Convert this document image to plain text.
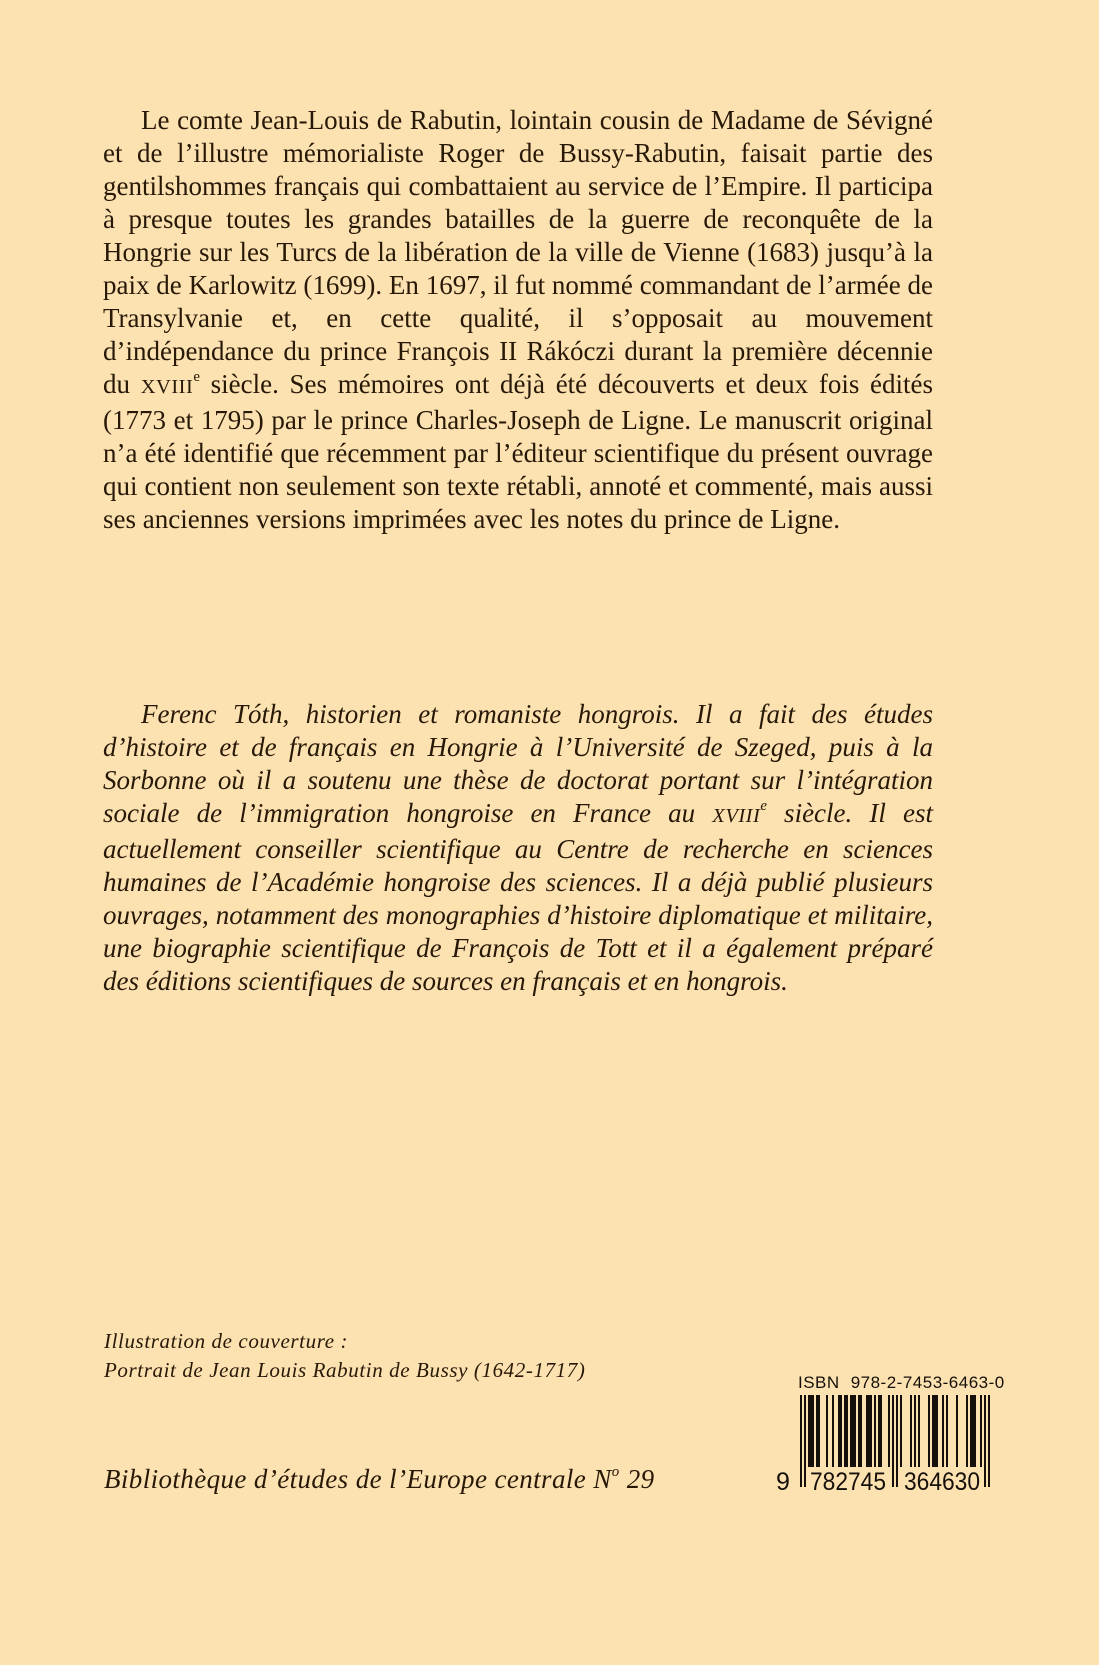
Le comte Jean-Louis de Rabutin, lointain cousin de Madame de Sévigné et de l’illustre mémorialiste Roger de Bussy-Rabutin, faisait partie des gentilshommes français qui combattaient au service de l’Empire. Il participa à presque toutes les grandes batailles de la guerre de reconquête de la Hongrie sur les Turcs de la libération de la ville de Vienne (1683) jusqu’à la paix de Karlowitz (1699). En 1697, il fut nommé commandant de l’armée de Transylvanie et, en cette qualité, il s’opposait au mouvement d’indépendance du prince François II Rákóczi durant la première décennie du XVIIIe siècle. Ses mémoires ont déjà été découverts et deux fois édités (1773 et 1795) par le prince Charles-Joseph de Ligne. Le manuscrit original n’a été identifié que récemment par l’éditeur scientifique du présent ouvrage qui contient non seulement son texte rétabli, annoté et commenté, mais aussi ses anciennes versions imprimées avec les notes du prince de Ligne.

Ferenc Tóth, historien et romaniste hongrois. Il a fait des études d’histoire et de français en Hongrie à l’Université de Szeged, puis à la Sorbonne où il a soutenu une thèse de doctorat portant sur l’intégration sociale de l’immigration hongroise en France au XVIIIe siècle. Il est actuellement conseiller scientifique au Centre de recherche en sciences humaines de l’Académie hongroise des sciences. Il a déjà publié plusieurs ouvrages, notamment des monographies d’histoire diplomatique et militaire, une biographie scientifique de François de Tott et il a également préparé des éditions scientifiques de sources en français et en hongrois.

Illustration de couverture :
Portrait de Jean Louis Rabutin de Bussy (1642-1717)
Bibliothèque d’études de l’Europe centrale $N^o$ 29
ISBN 978-2-7453-6463-0
9 782745 364630
